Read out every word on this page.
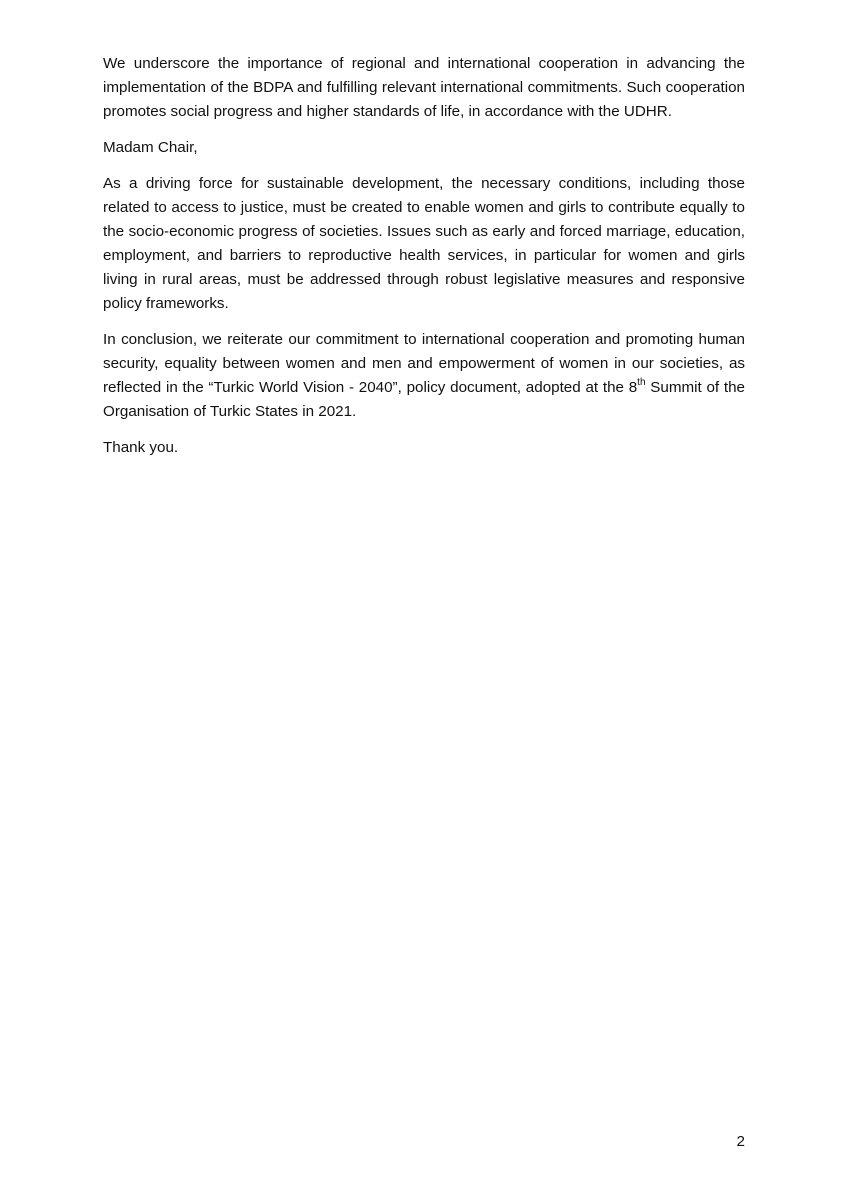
We underscore the importance of regional and international cooperation in advancing the implementation of the BDPA and fulfilling relevant international commitments. Such cooperation promotes social progress and higher standards of life, in accordance with the UDHR.

Madam Chair,

As a driving force for sustainable development, the necessary conditions, including those related to access to justice, must be created to enable women and girls to contribute equally to the socio-economic progress of societies. Issues such as early and forced marriage, education, employment, and barriers to reproductive health services, in particular for women and girls living in rural areas, must be addressed through robust legislative measures and responsive policy frameworks.

In conclusion, we reiterate our commitment to international cooperation and promoting human security, equality between women and men and empowerment of women in our societies, as reflected in the “Turkic World Vision - 2040”, policy document, adopted at the 8th Summit of the Organisation of Turkic States in 2021.

Thank you.

2
